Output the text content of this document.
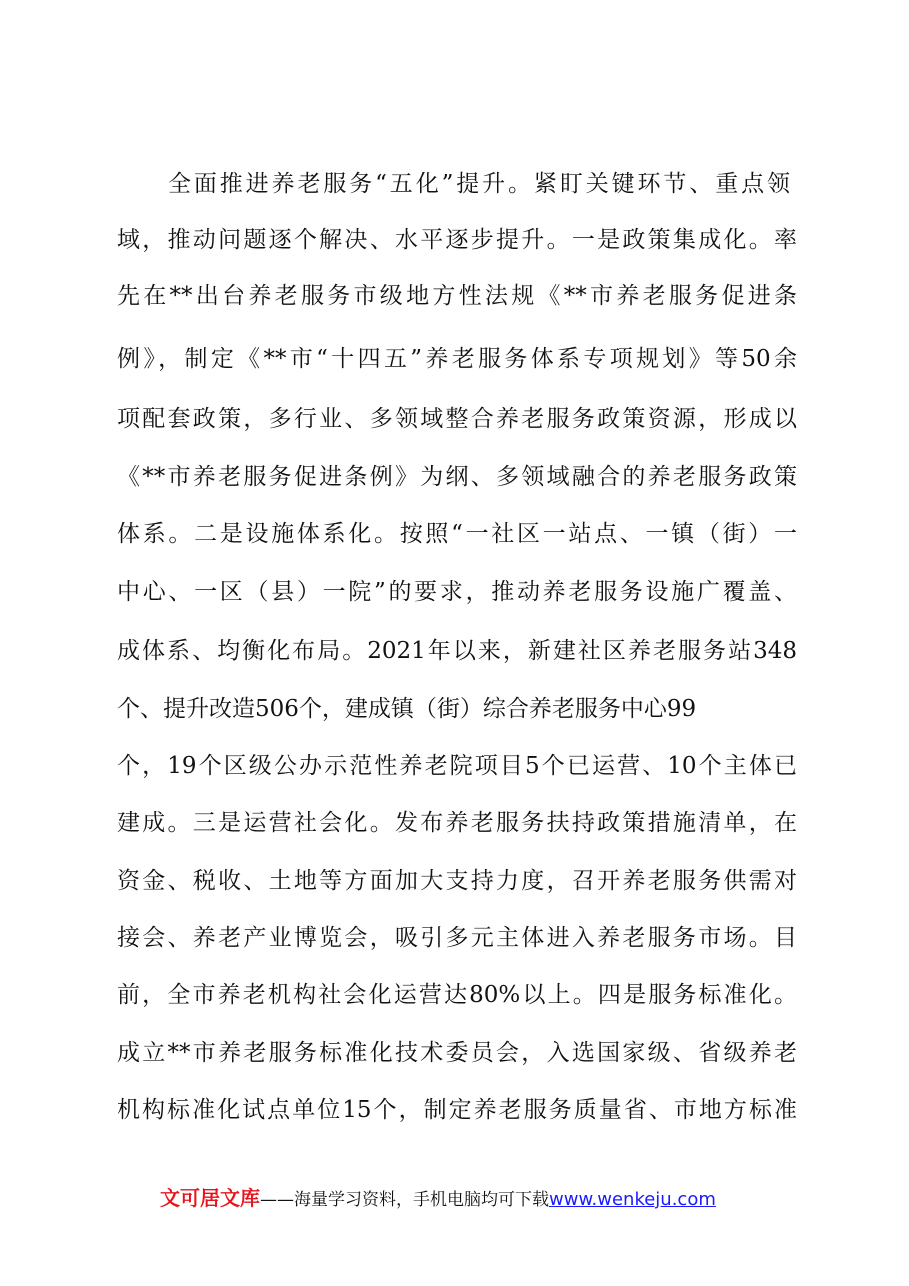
全面推进养老服务“五化”提升。紧盯关键环节、重点领
域，推动问题逐个解决、水平逐步提升。一是政策集成化。率
先在**出台养老服务市级地方性法规《**市养老服务促进条
例》，制定《**市“十四五”养老服务体系专项规划》等50余
项配套政策，多行业、多领域整合养老服务政策资源，形成以
《**市养老服务促进条例》为纲、多领域融合的养老服务政策
体系。二是设施体系化。按照“一社区一站点、一镇（街）一
中心、一区（县）一院”的要求，推动养老服务设施广覆盖、
成体系、均衡化布局。2021年以来，新建社区养老服务站348
个、提升改造506个，建成镇（街）综合养老服务中心99
个，19个区级公办示范性养老院项目5个已运营、10个主体已
建成。三是运营社会化。发布养老服务扶持政策措施清单，在
资金、税收、土地等方面加大支持力度，召开养老服务供需对
接会、养老产业博览会，吸引多元主体进入养老服务市场。目
前，全市养老机构社会化运营达80%以上。四是服务标准化。
成立**市养老服务标准化技术委员会，入选国家级、省级养老
机构标准化试点单位15个，制定养老服务质量省、市地方标准
文可居文库——海量学习资料，手机电脑均可下载www.wenkeju.com
